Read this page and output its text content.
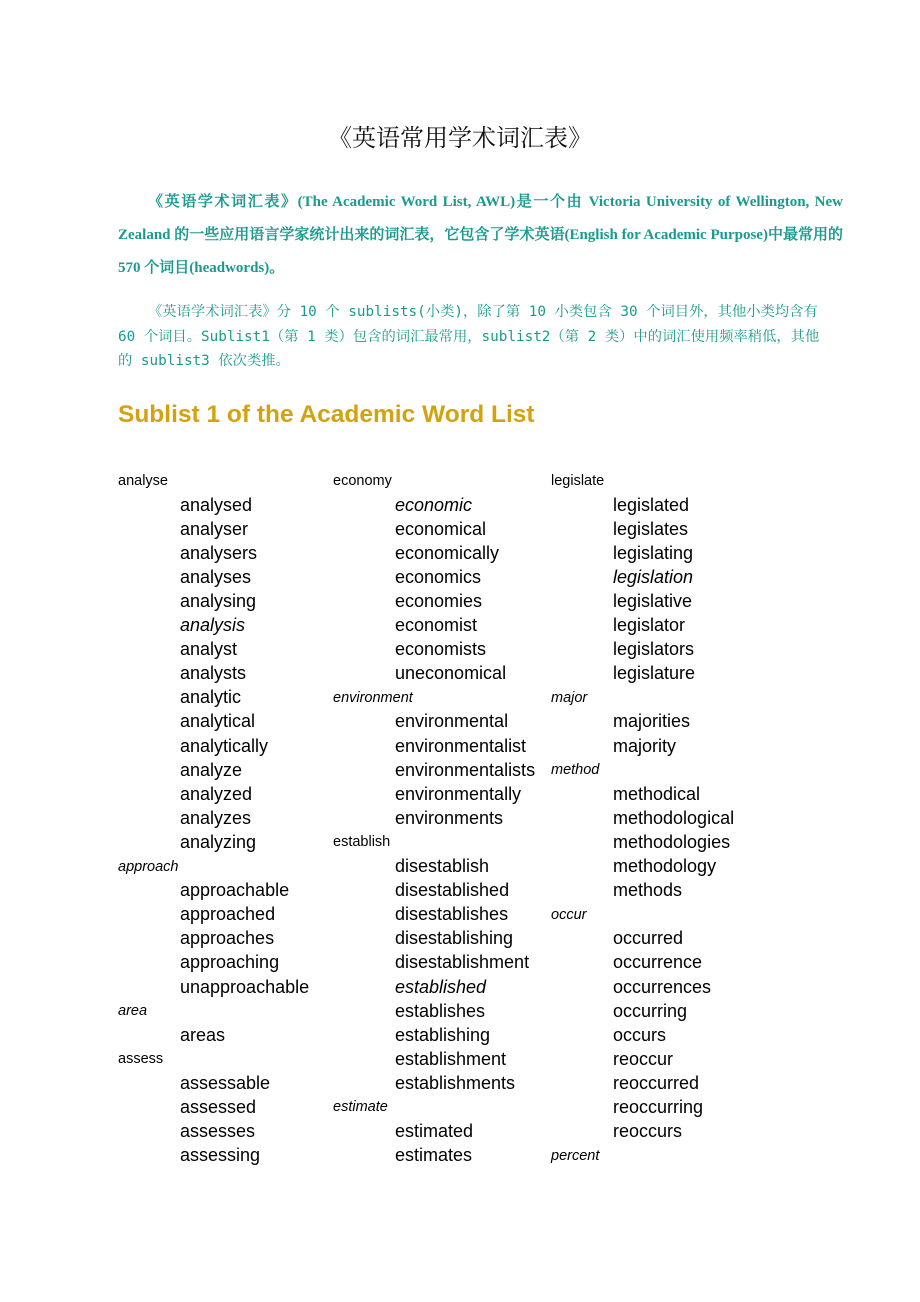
《英语常用学术词汇表》
《英语学术词汇表》(The Academic Word List, AWL)是一个由 Victoria University of Wellington, New Zealand 的一些应用语言学家统计出来的词汇表，它包含了学术英语(English for Academic Purpose)中最常用的 570 个词目(headwords)。
《英语学术词汇表》分 10 个 sublists(小类)，除了第 10 小类包含 30 个词目外，其他小类均含有 60 个词目。Sublist1（第 1 类）包含的词汇最常用，sublist2（第 2 类）中的词汇使用频率稍低，其他的 sublist3 依次类推。
Sublist 1 of the Academic Word List
analyse
analysed
analyser
analysers
analyses
analysing
analysis
analyst
analysts
analytic
analytical
analytically
analyze
analyzed
analyzes
analyzing
approach
approachable
approached
approaches
approaching
unapproachable
area
areas
assess
assessable
assessed
assesses
assessing
economy
economic
economical
economically
economics
economies
economist
economists
uneconomical
environment
environmental
environmentalist
environmentalists
environmentally
environments
establish
disestablish
disestablished
disestablishes
disestablishing
disestablishment
established
establishes
establishing
establishment
establishments
estimate
estimated
estimates
legislate
legislated
legislates
legislating
legislation
legislative
legislator
legislators
legislature
major
majorities
majority
method
methodical
methodological
methodologies
methodology
methods
occur
occurred
occurrence
occurrences
occurring
occurs
reoccur
reoccurred
reoccurring
reoccurs
percent
